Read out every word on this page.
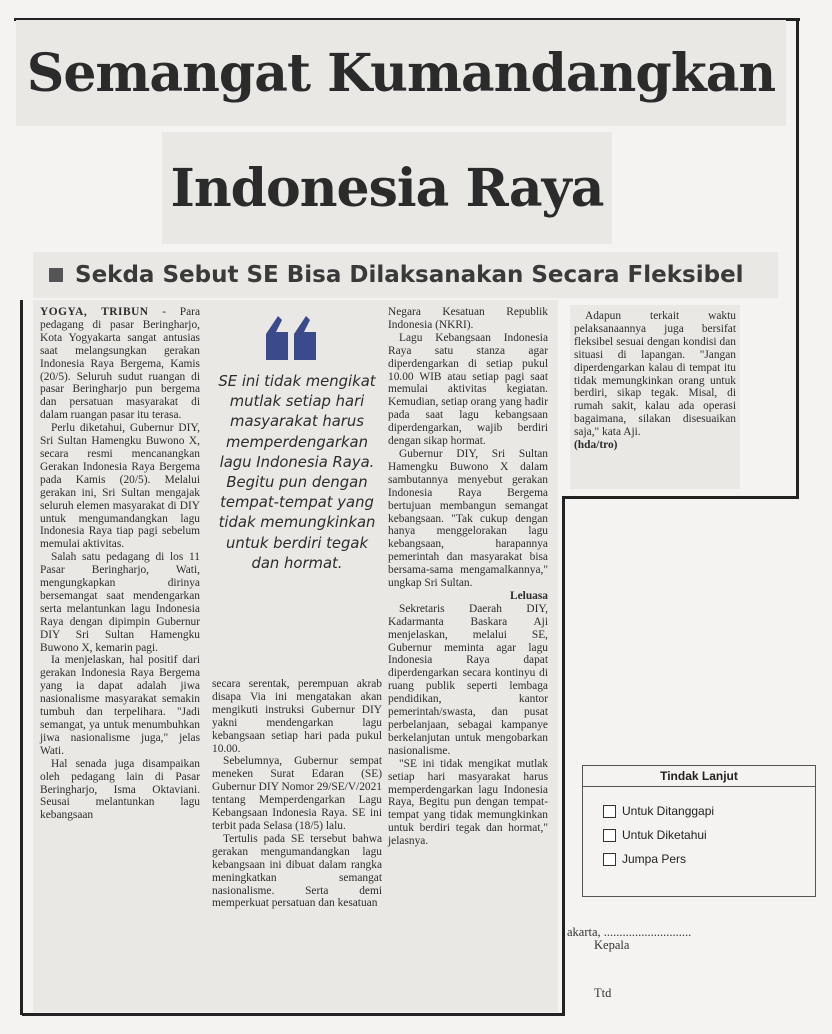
Semangat Kumandangkan
Indonesia Raya
Sekda Sebut SE Bisa Dilaksanakan Secara Fleksibel

YOGYA, TRIBUN - Para pedagang di pasar Beringharjo, Kota Yogyakarta sangat antusias saat melangsungkan gerakan Indonesia Raya Bergema, Kamis (20/5). Seluruh sudut ruangan di pasar Beringharjo pun bergema dan persatuan masyarakat di dalam ruangan pasar itu terasa.

Perlu diketahui, Gubernur DIY, Sri Sultan Hamengku Buwono X, secara resmi mencanangkan Gerakan Indonesia Raya Bergema pada Kamis (20/5). Melalui gerakan ini, Sri Sultan mengajak seluruh elemen masyarakat di DIY untuk mengumandangkan lagu Indonesia Raya tiap pagi sebelum memulai aktivitas.

Salah satu pedagang di los 11 Pasar Beringharjo, Wati, mengungkapkan dirinya bersemangat saat mendengarkan serta melantunkan lagu Indonesia Raya dengan dipimpin Gubernur DIY Sri Sultan Hamengku Buwono X, kemarin pagi.

Ia menjelaskan, hal positif dari gerakan Indonesia Raya Bergema yang ia dapat adalah jiwa nasionalisme masyarakat semakin tumbuh dan terpelihara. "Jadi semangat, ya untuk menumbuhkan jiwa nasionalisme juga," jelas Wati.

Hal senada juga disampaikan oleh pedagang lain di Pasar Beringharjo, Isma Oktaviani. Seusai melantunkan lagu kebangsaan

SE ini tidak mengikat mutlak setiap hari masyarakat harus memperdengarkan lagu Indonesia Raya. Begitu pun dengan tempat-tempat yang tidak memungkinkan untuk berdiri tegak dan hormat.

secara serentak, perempuan akrab disapa Via ini mengatakan akan mengikuti instruksi Gubernur DIY yakni mendengarkan lagu kebangsaan setiap hari pada pukul 10.00.

Sebelumnya, Gubernur sempat meneken Surat Edaran (SE) Gubernur DIY Nomor 29/SE/V/2021 tentang Memperdengarkan Lagu Kebangsaan Indonesia Raya. SE ini terbit pada Selasa (18/5) lalu.

Tertulis pada SE tersebut bahwa gerakan mengumandangkan lagu kebangsaan ini dibuat dalam rangka meningkatkan semangat nasionalisme. Serta demi memperkuat persatuan dan kesatuan

Negara Kesatuan Republik Indonesia (NKRI).

Lagu Kebangsaan Indonesia Raya satu stanza agar diperdengarkan di setiap pukul 10.00 WIB atau setiap pagi saat memulai aktivitas kegiatan. Kemudian, setiap orang yang hadir pada saat lagu kebangsaan diperdengarkan, wajib berdiri dengan sikap hormat.

Gubernur DIY, Sri Sultan Hamengku Buwono X dalam sambutannya menyebut gerakan Indonesia Raya Bergema bertujuan membangun semangat kebangsaan. "Tak cukup dengan hanya menggelorakan lagu kebangsaan, harapannya pemerintah dan masyarakat bisa bersama-sama mengamalkannya," ungkap Sri Sultan.

Leluasa

Sekretaris Daerah DIY, Kadarmanta Baskara Aji menjelaskan, melalui SE, Gubernur meminta agar lagu Indonesia Raya dapat diperdengarkan secara kontinyu di ruang publik seperti lembaga pendidikan, kantor pemerintah/swasta, dan pusat perbelanjaan, sebagai kampanye berkelanjutan untuk mengobarkan nasionalisme.

"SE ini tidak mengikat mutlak setiap hari masyarakat harus memperdengarkan lagu Indonesia Raya, Begitu pun dengan tempat-tempat yang tidak memungkinkan untuk berdiri tegak dan hormat," jelasnya.

Adapun terkait waktu pelaksanaannya juga bersifat fleksibel sesuai dengan kondisi dan situasi di lapangan. "Jangan diperdengarkan kalau di tempat itu tidak memungkinkan orang untuk berdiri, sikap tegak. Misal, di rumah sakit, kalau ada operasi bagaimana, silakan disesuaikan saja," kata Aji.

(hda/tro)

Tindak Lanjut
Untuk Ditanggapi
Untuk Diketahui
Jumpa Pers
akarta, ............................
Kepala
Ttd
